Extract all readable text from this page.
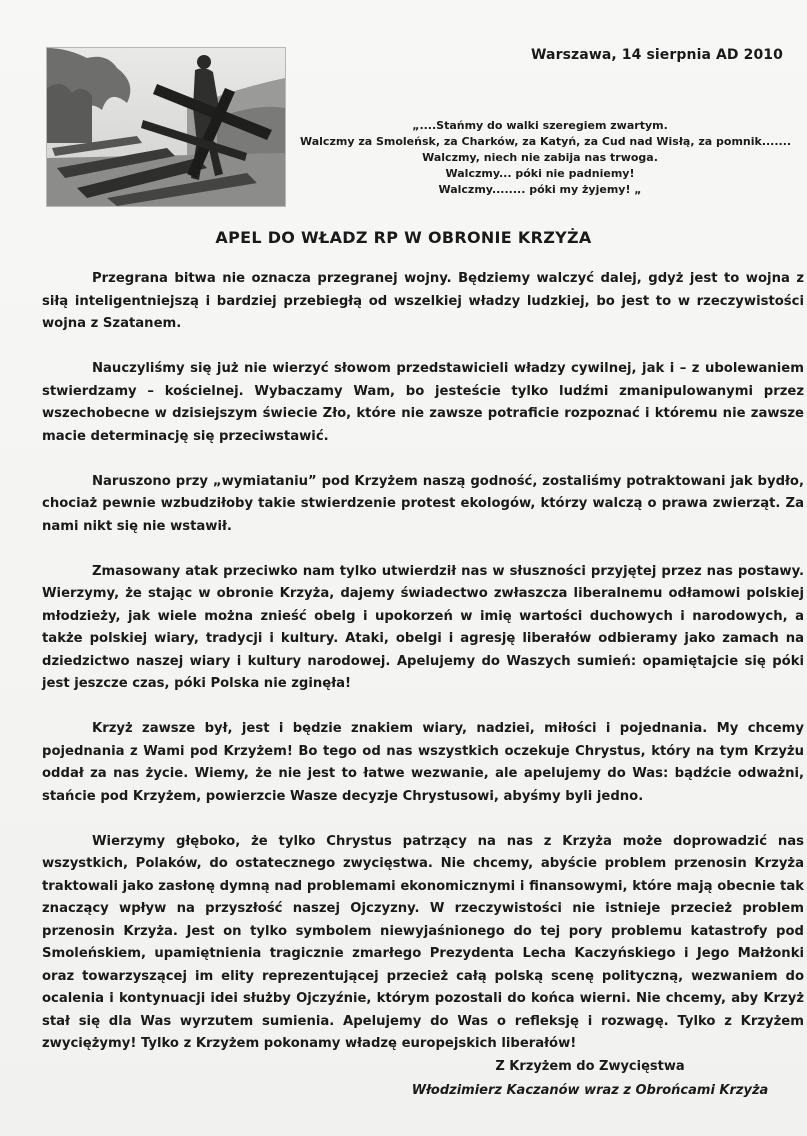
Warszawa, 14 sierpnia AD 2010
„....Stańmy do walki szeregiem zwartym.
Walczmy za Smoleńsk, za Charków, za Katyń, za Cud nad Wisłą, za pomnik.......
Walczmy, niech nie zabija nas trwoga.
Walczmy... póki nie padniemy!
Walczmy........ póki my żyjemy! „
APEL DO WŁADZ RP W OBRONIE KRZYŻA

Przegrana bitwa nie oznacza przegranej wojny. Będziemy walczyć dalej, gdyż jest to wojna z siłą inteligentniejszą i bardziej przebiegłą od wszelkiej władzy ludzkiej, bo jest to w rzeczywistości wojna z Szatanem.

Nauczyliśmy się już nie wierzyć słowom przedstawicieli władzy cywilnej, jak i – z ubolewaniem stwierdzamy – kościelnej. Wybaczamy Wam, bo jesteście tylko ludźmi zmanipulowanymi przez wszechobecne w dzisiejszym świecie Zło, które nie zawsze potraficie rozpoznać i któremu nie zawsze macie determinację się przeciwstawić.

Naruszono przy „wymiataniu” pod Krzyżem naszą godność, zostaliśmy potraktowani jak bydło, chociaż pewnie wzbudziłoby takie stwierdzenie protest ekologów, którzy walczą o prawa zwierząt. Za nami nikt się nie wstawił.

Zmasowany atak przeciwko nam tylko utwierdził nas w słuszności przyjętej przez nas postawy. Wierzymy, że stając w obronie Krzyża, dajemy świadectwo zwłaszcza liberalnemu odłamowi polskiej młodzieży, jak wiele można znieść obelg i upokorzeń w imię wartości duchowych i narodowych, a także polskiej wiary, tradycji i kultury. Ataki, obelgi i agresję liberałów odbieramy jako zamach na dziedzictwo naszej wiary i kultury narodowej. Apelujemy do Waszych sumień: opamiętajcie się póki jest jeszcze czas, póki Polska nie zginęła!

Krzyż zawsze był, jest i będzie znakiem wiary, nadziei, miłości i pojednania. My chcemy pojednania z Wami pod Krzyżem! Bo tego od nas wszystkich oczekuje Chrystus, który na tym Krzyżu oddał za nas życie. Wiemy, że nie jest to łatwe wezwanie, ale apelujemy do Was: bądźcie odważni, stańcie pod Krzyżem, powierzcie Wasze decyzje Chrystusowi, abyśmy byli jedno.

Wierzymy głęboko, że tylko Chrystus patrzący na nas z Krzyża może doprowadzić nas wszystkich, Polaków, do ostatecznego zwycięstwa. Nie chcemy, abyście problem przenosin Krzyża traktowali jako zasłonę dymną nad problemami ekonomicznymi i finansowymi, które mają obecnie tak znaczący wpływ na przyszłość naszej Ojczyzny. W rzeczywistości nie istnieje przecież problem przenosin Krzyża. Jest on tylko symbolem niewyjaśnionego do tej pory problemu katastrofy pod Smoleńskiem, upamiętnienia tragicznie zmarłego Prezydenta Lecha Kaczyńskiego i Jego Małżonki oraz towarzyszącej im elity reprezentującej przecież całą polską scenę polityczną, wezwaniem do ocalenia i kontynuacji idei służby Ojczyźnie, którym pozostali do końca wierni. Nie chcemy, aby Krzyż stał się dla Was wyrzutem sumienia. Apelujemy do Was o refleksję i rozwagę. Tylko z Krzyżem zwyciężymy! Tylko z Krzyżem pokonamy władzę europejskich liberałów!

Z Krzyżem do Zwycięstwa
Włodzimierz Kaczanów wraz z Obrońcami Krzyża
